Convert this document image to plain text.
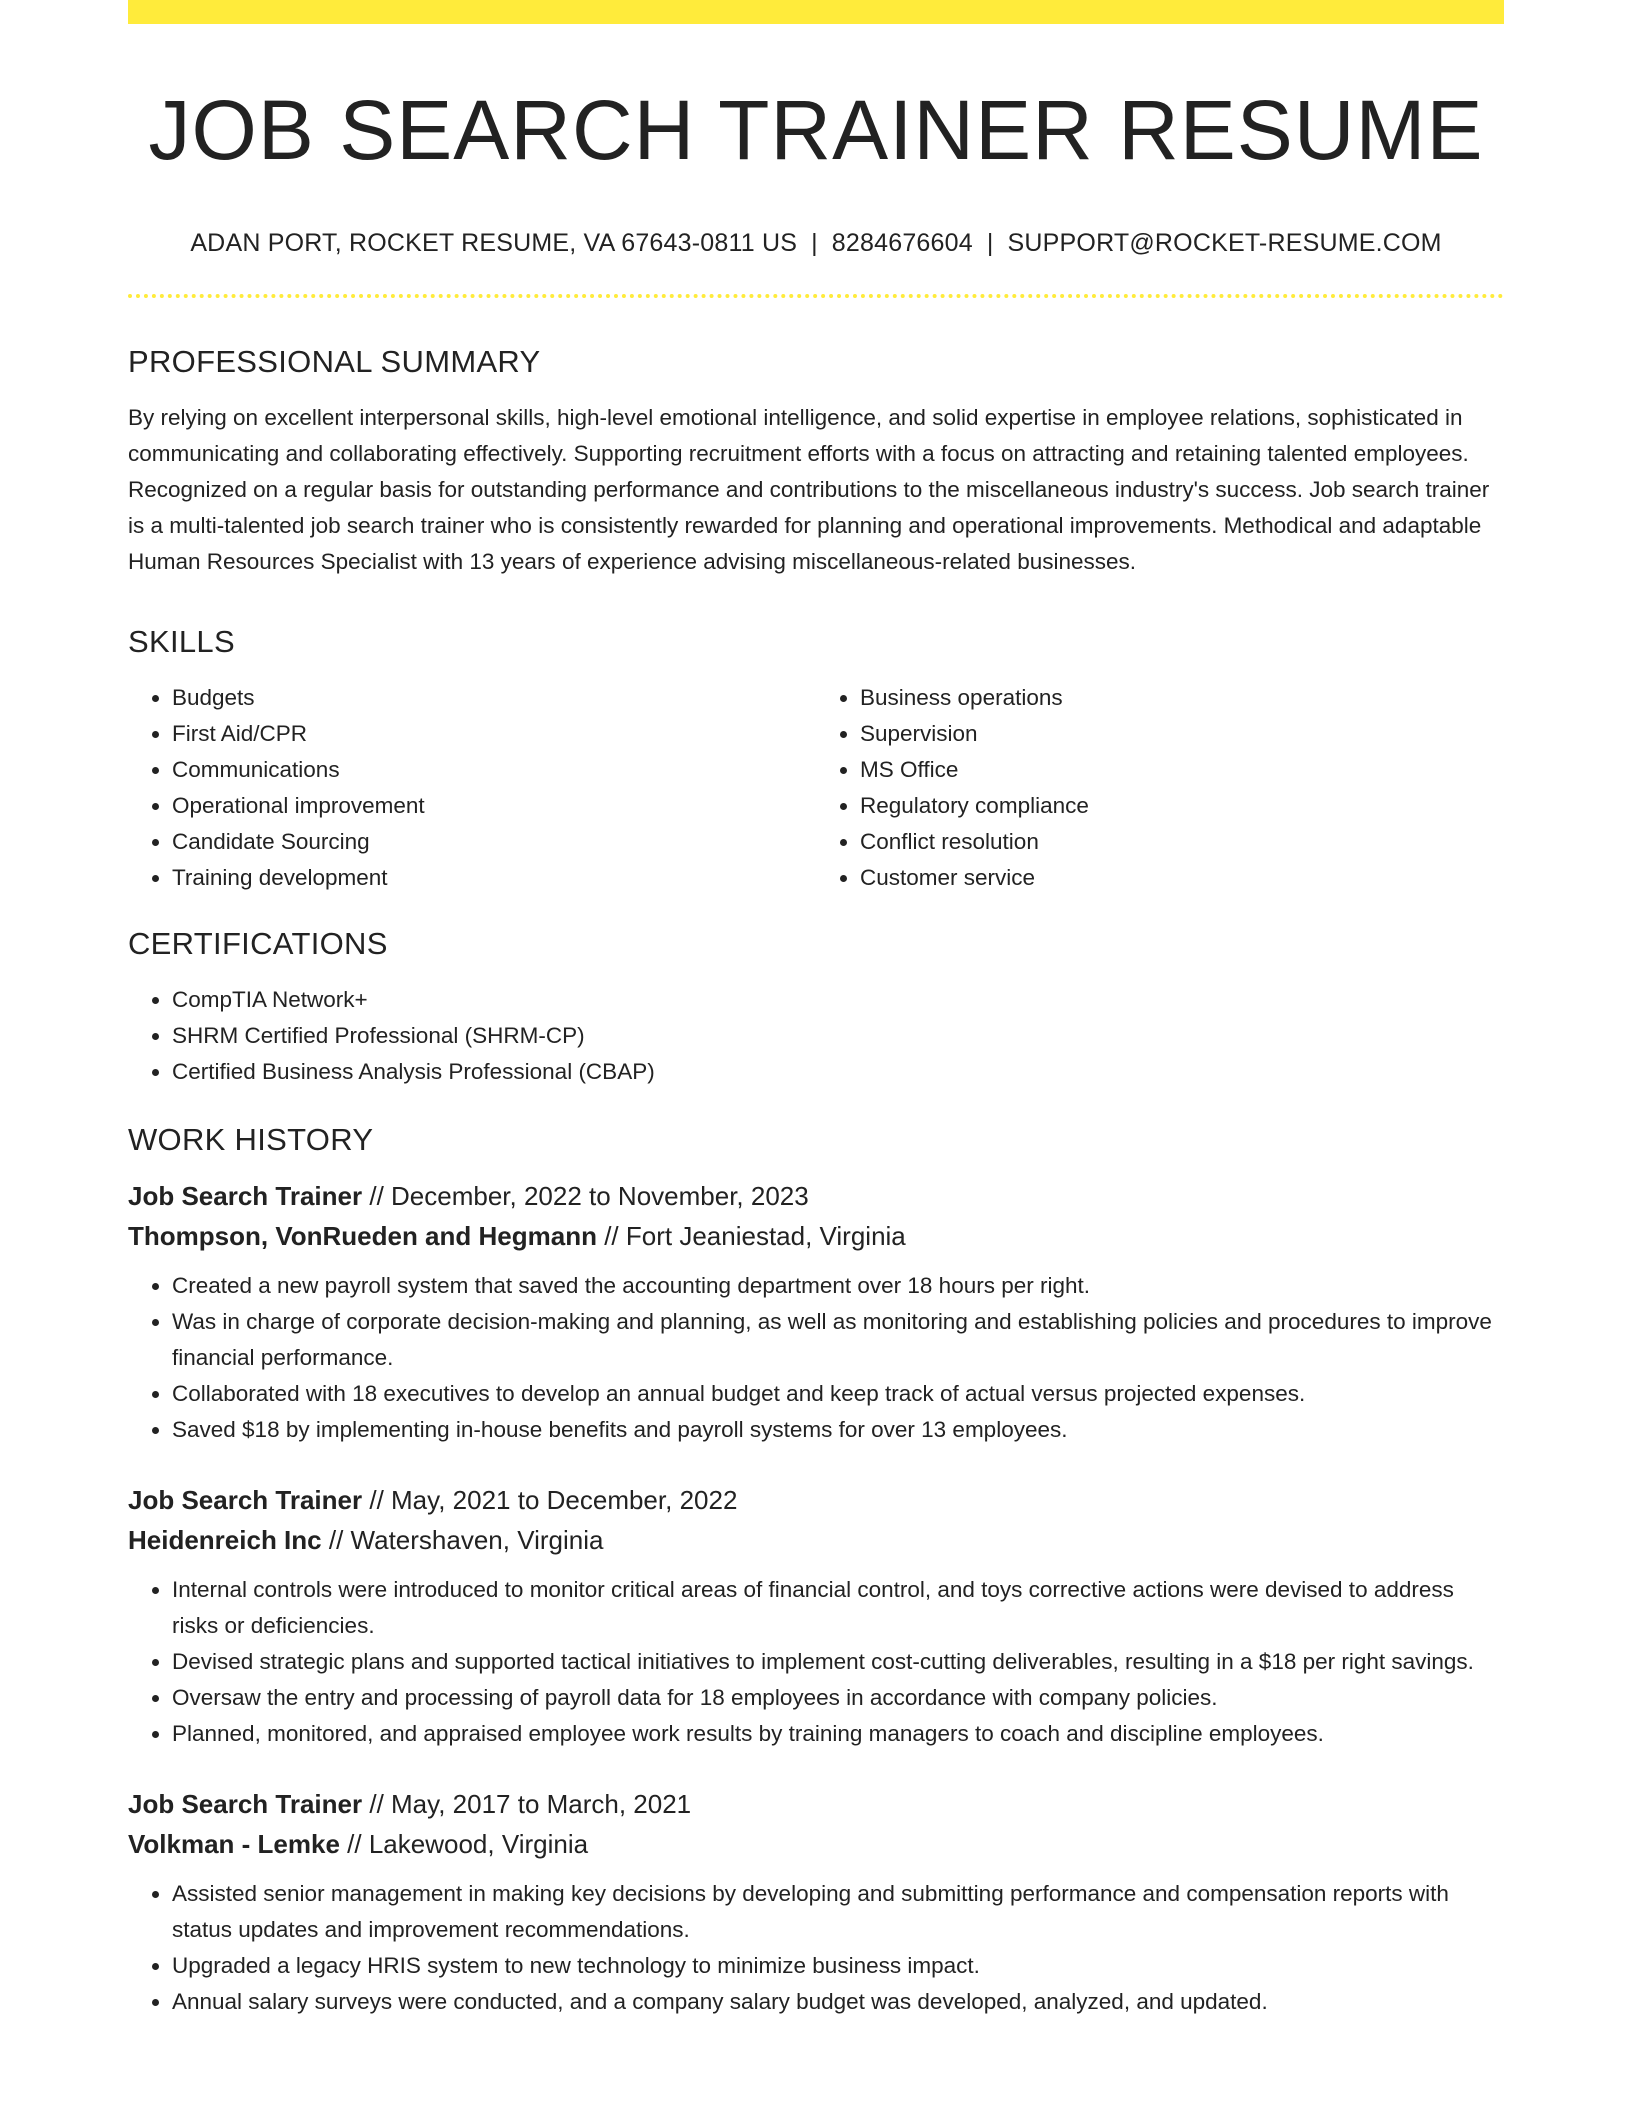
JOB SEARCH TRAINER RESUME
ADAN PORT, ROCKET RESUME, VA 67643-0811 US | 8284676604 | SUPPORT@ROCKET-RESUME.COM
PROFESSIONAL SUMMARY

By relying on excellent interpersonal skills, high-level emotional intelligence, and solid expertise in employee relations, sophisticated in communicating and collaborating effectively. Supporting recruitment efforts with a focus on attracting and retaining talented employees. Recognized on a regular basis for outstanding performance and contributions to the miscellaneous industry's success. Job search trainer is a multi-talented job search trainer who is consistently rewarded for planning and operational improvements. Methodical and adaptable Human Resources Specialist with 13 years of experience advising miscellaneous-related businesses.

SKILLS
• Budgets
• First Aid/CPR
• Communications
• Operational improvement
• Candidate Sourcing
• Training development
• Business operations
• Supervision
• MS Office
• Regulatory compliance
• Conflict resolution
• Customer service
CERTIFICATIONS
• CompTIA Network+
• SHRM Certified Professional (SHRM-CP)
• Certified Business Analysis Professional (CBAP)
WORK HISTORY
Job Search Trainer // December, 2022 to November, 2023
Thompson, VonRueden and Hegmann // Fort Jeaniestad, Virginia
• Created a new payroll system that saved the accounting department over 18 hours per right.
• Was in charge of corporate decision-making and planning, as well as monitoring and establishing policies and procedures to improve financial performance.
• Collaborated with 18 executives to develop an annual budget and keep track of actual versus projected expenses.
• Saved $18 by implementing in-house benefits and payroll systems for over 13 employees.
Job Search Trainer // May, 2021 to December, 2022
Heidenreich Inc // Watershaven, Virginia
• Internal controls were introduced to monitor critical areas of financial control, and toys corrective actions were devised to address risks or deficiencies.
• Devised strategic plans and supported tactical initiatives to implement cost-cutting deliverables, resulting in a $18 per right savings.
• Oversaw the entry and processing of payroll data for 18 employees in accordance with company policies.
• Planned, monitored, and appraised employee work results by training managers to coach and discipline employees.
Job Search Trainer // May, 2017 to March, 2021
Volkman - Lemke // Lakewood, Virginia
• Assisted senior management in making key decisions by developing and submitting performance and compensation reports with status updates and improvement recommendations.
• Upgraded a legacy HRIS system to new technology to minimize business impact.
• Annual salary surveys were conducted, and a company salary budget was developed, analyzed, and updated.
